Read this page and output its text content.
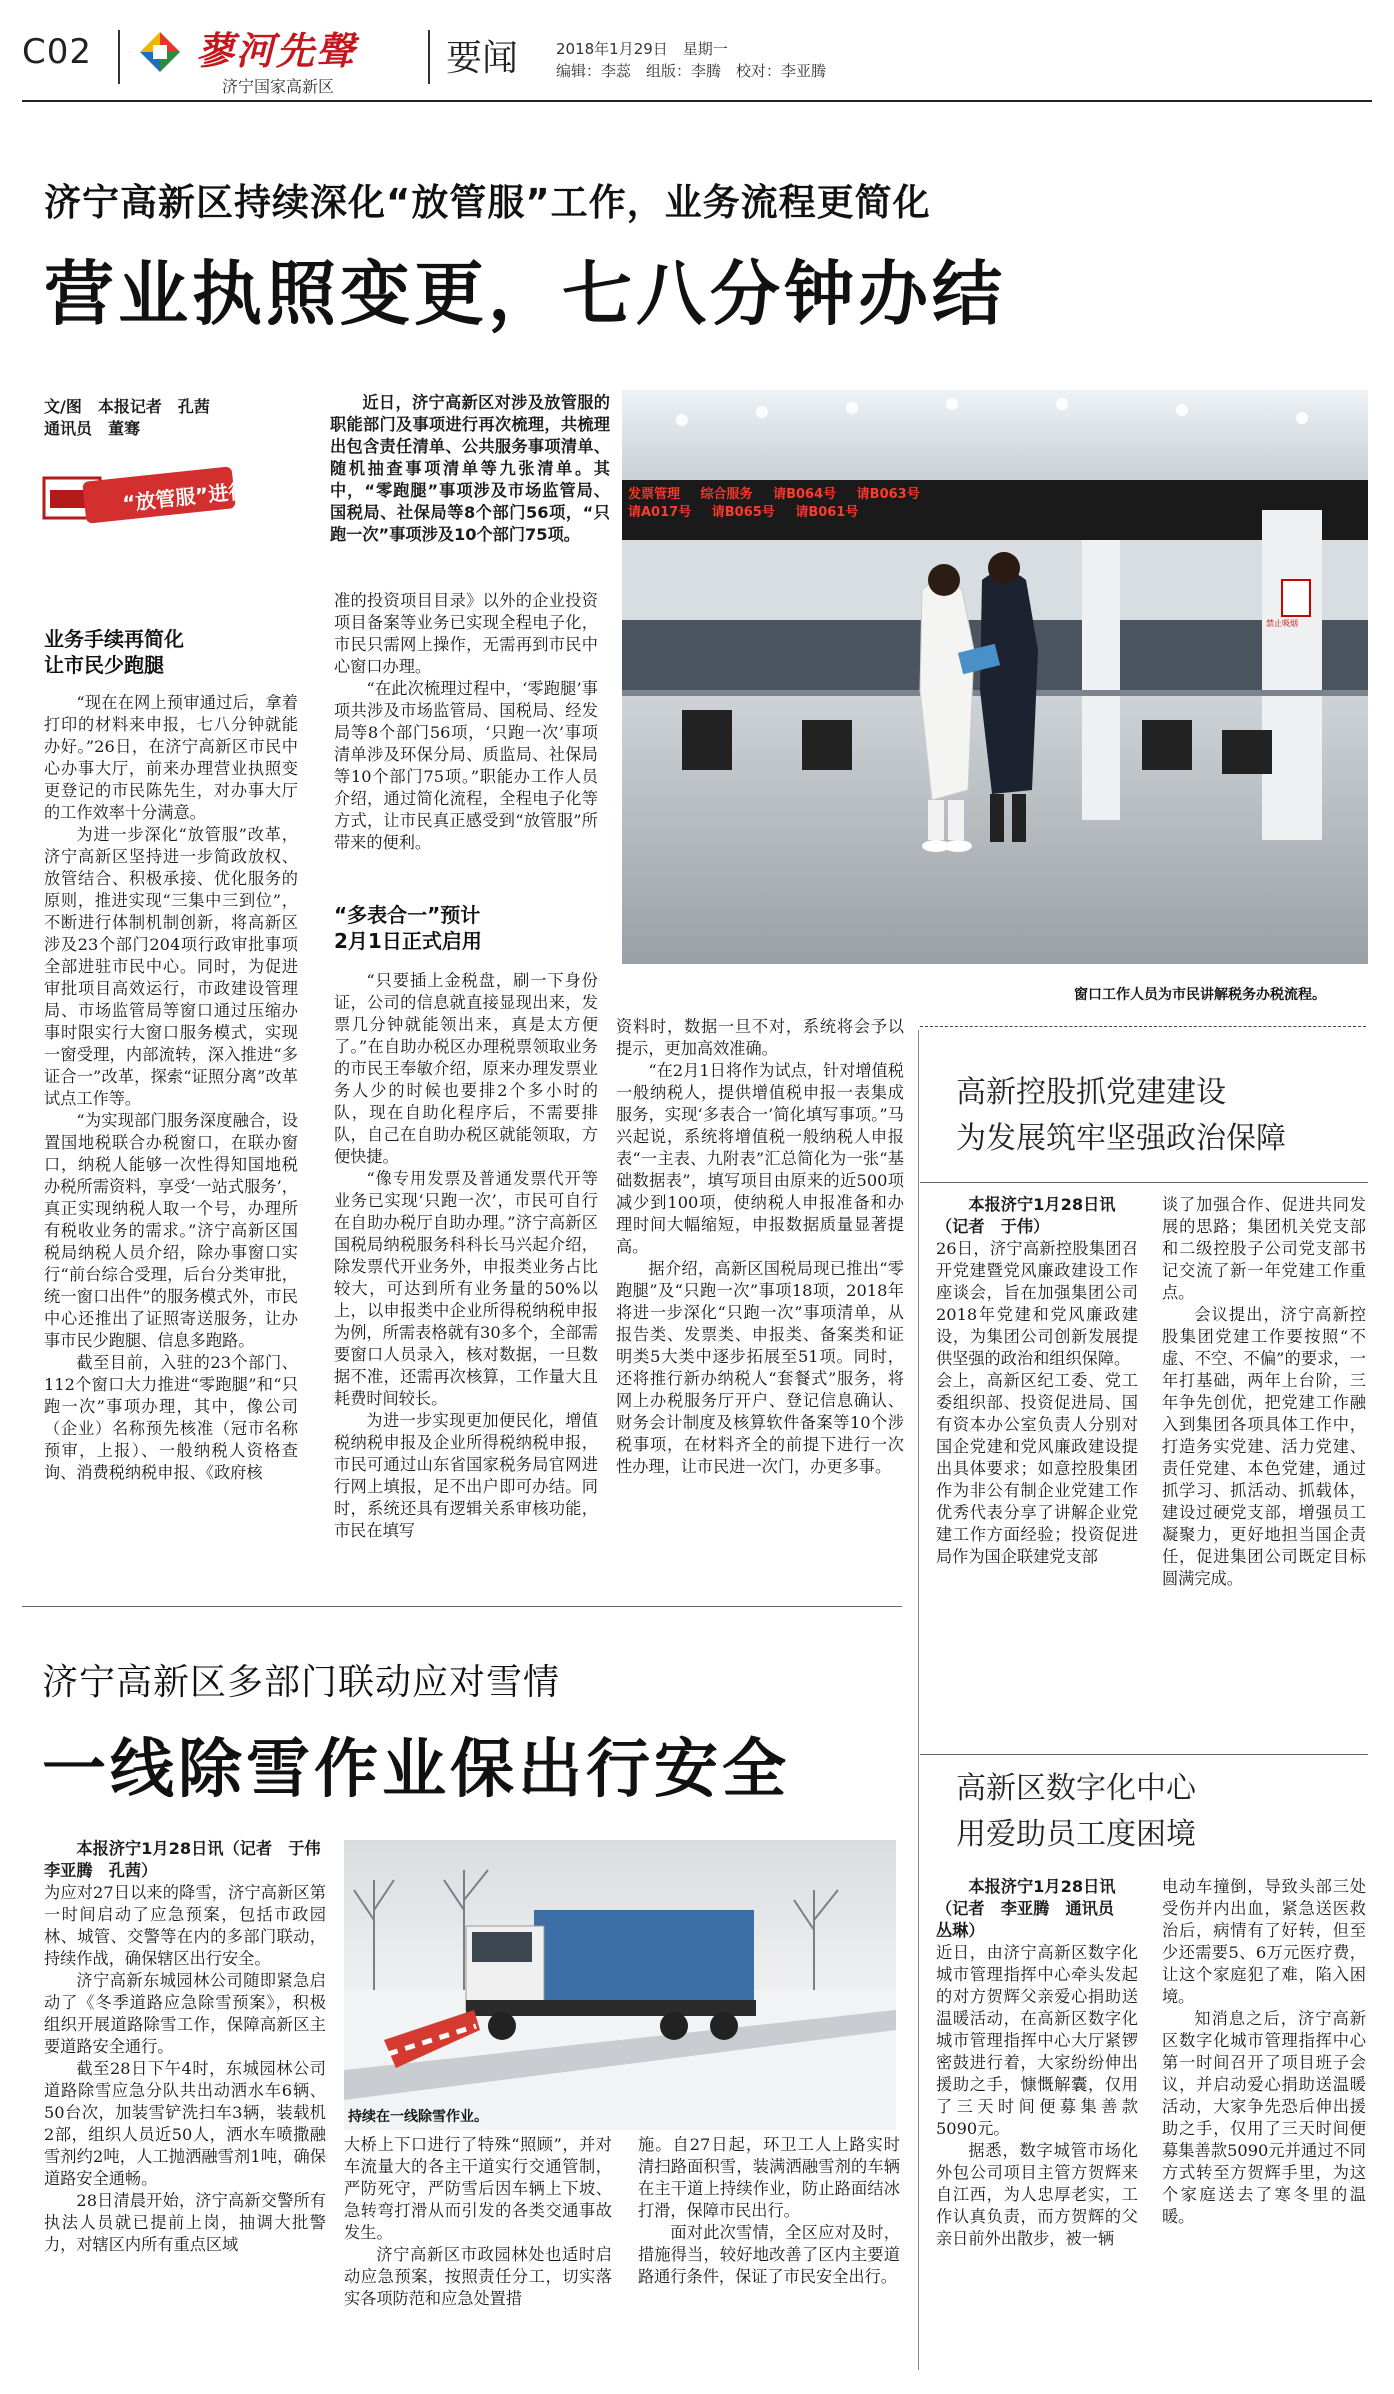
C02	蓼河先聲
济宁国家高新区
要闻	2018年1月29日　星期一
编辑：李蕊　组版：李腾　校对：李亚腾
济宁高新区持续深化“放管服”工作，业务流程更简化
营业执照变更，七八分钟办结
文/图　本报记者　孔茜
通讯员　董骞
“放管服”进行时
近日，济宁高新区对涉及放管服的职能部门及事项进行再次梳理，共梳理出包含责任清单、公共服务事项清单、随机抽查事项清单等九张清单。其中，“零跑腿”事项涉及市场监管局、国税局、社保局等8个部门56项，“只跑一次”事项涉及10个部门75项。
业务手续再简化
让市民少跑腿

“现在在网上预审通过后，拿着打印的材料来申报，七八分钟就能办好。”26日，在济宁高新区市民中心办事大厅，前来办理营业执照变更登记的市民陈先生，对办事大厅的工作效率十分满意。

为进一步深化“放管服”改革，济宁高新区坚持进一步简政放权、放管结合、积极承接、优化服务的原则，推进实现“三集中三到位”，不断进行体制机制创新，将高新区涉及23个部门204项行政审批事项全部进驻市民中心。同时，为促进审批项目高效运行，市政建设管理局、市场监管局等窗口通过压缩办事时限实行大窗口服务模式，实现一窗受理，内部流转，深入推进“多证合一”改革，探索“证照分离”改革试点工作等。

“为实现部门服务深度融合，设置国地税联合办税窗口，在联办窗口，纳税人能够一次性得知国地税办税所需资料，享受‘一站式服务’，真正实现纳税人取一个号，办理所有税收业务的需求。”济宁高新区国税局纳税人员介绍，除办事窗口实行“前台综合受理，后台分类审批，统一窗口出件”的服务模式外，市民中心还推出了证照寄送服务，让办事市民少跑腿、信息多跑路。

截至目前，入驻的23个部门、112个窗口大力推进“零跑腿”和“只跑一次”事项办理，其中，像公司（企业）名称预先核准（冠市名称预审，上报）、一般纳税人资格查询、消费税纳税申报、《政府核

准的投资项目目录》以外的企业投资项目备案等业务已实现全程电子化，市民只需网上操作，无需再到市民中心窗口办理。

“在此次梳理过程中，‘零跑腿’事项共涉及市场监管局、国税局、经发局等8个部门56项，‘只跑一次’事项清单涉及环保分局、质监局、社保局等10个部门75项。”职能办工作人员介绍，通过简化流程，全程电子化等方式，让市民真正感受到“放管服”所带来的便利。

“多表合一”预计
2月1日正式启用

“只要插上金税盘，刷一下身份证，公司的信息就直接显现出来，发票几分钟就能领出来，真是太方便了。”在自助办税区办理税票领取业务的市民王奉敏介绍，原来办理发票业务人少的时候也要排2个多小时的队，现在自助化程序后，不需要排队，自己在自助办税区就能领取，方便快捷。

“像专用发票及普通发票代开等业务已实现‘只跑一次’，市民可自行在自助办税厅自助办理。”济宁高新区国税局纳税服务科科长马兴起介绍，除发票代开业务外，申报类业务占比较大，可达到所有业务量的50%以上，以申报类中企业所得税纳税申报为例，所需表格就有30多个，全部需要窗口人员录入，核对数据，一旦数据不准，还需再次核算，工作量大且耗费时间较长。

为进一步实现更加便民化，增值税纳税申报及企业所得税纳税申报，市民可通过山东省国家税务局官网进行网上填报，足不出户即可办结。同时，系统还具有逻辑关系审核功能，市民在填写

资料时，数据一旦不对，系统将会予以提示，更加高效准确。

“在2月1日将作为试点，针对增值税一般纳税人，提供增值税申报一表集成服务，实现‘多表合一’简化填写事项。”马兴起说，系统将增值税一般纳税人申报表“一主表、九附表”汇总简化为一张“基础数据表”，填写项目由原来的近500项减少到100项，使纳税人申报准备和办理时间大幅缩短，申报数据质量显著提高。

据介绍，高新区国税局现已推出“零跑腿”及“只跑一次”事项18项，2018年将进一步深化“只跑一次”事项清单，从报告类、发票类、申报类、备案类和证明类5大类中逐步拓展至51项。同时，还将推行新办纳税人“套餐式”服务，将网上办税服务厅开户、登记信息确认、财务会计制度及核算软件备案等10个涉税事项，在材料齐全的前提下进行一次性办理，让市民进一次门，办更多事。

发票管理 综合服务 请B064号 请B063号
请A017号 请B065号 请B061号
禁止吸烟
窗口工作人员为市民讲解税务办税流程。
高新控股抓党建建设
为发展筑牢坚强政治保障
本报济宁1月28日讯（记者　于伟）

26日，济宁高新控股集团召开党建暨党风廉政建设工作座谈会，旨在加强集团公司2018年党建和党风廉政建设，为集团公司创新发展提供坚强的政治和组织保障。

会上，高新区纪工委、党工委组织部、投资促进局、国有资本办公室负责人分别对国企党建和党风廉政建设提出具体要求；如意控股集团作为非公有制企业党建工作优秀代表分享了讲解企业党建工作方面经验；投资促进局作为国企联建党支部

谈了加强合作、促进共同发展的思路；集团机关党支部和二级控股子公司党支部书记交流了新一年党建工作重点。

会议提出，济宁高新控股集团党建工作要按照“不虚、不空、不偏”的要求，一年打基础，两年上台阶，三年争先创优，把党建工作融入到集团各项具体工作中，打造务实党建、活力党建、责任党建、本色党建，通过抓学习、抓活动、抓载体，建设过硬党支部，增强员工凝聚力，更好地担当国企责任，促进集团公司既定目标圆满完成。

高新区数字化中心
用爱助员工度困境
本报济宁1月28日讯（记者　李亚腾　通讯员　丛琳）

近日，由济宁高新区数字化城市管理指挥中心牵头发起的对方贺辉父亲爱心捐助送温暖活动，在高新区数字化城市管理指挥中心大厅紧锣密鼓进行着，大家纷纷伸出援助之手，慷慨解囊，仅用了三天时间便募集善款5090元。

据悉，数字城管市场化外包公司项目主管方贺辉来自江西，为人忠厚老实，工作认真负责，而方贺辉的父亲日前外出散步，被一辆

电动车撞倒，导致头部三处受伤并内出血，紧急送医救治后，病情有了好转，但至少还需要5、6万元医疗费，让这个家庭犯了难，陷入困境。

知消息之后，济宁高新区数字化城市管理指挥中心第一时间召开了项目班子会议，并启动爱心捐助送温暖活动，大家争先恐后伸出援助之手，仅用了三天时间便募集善款5090元并通过不同方式转至方贺辉手里，为这个家庭送去了寒冬里的温暖。

济宁高新区多部门联动应对雪情
一线除雪作业保出行安全
本报济宁1月28日讯（记者　于伟　李亚腾　孔茜）

为应对27日以来的降雪，济宁高新区第一时间启动了应急预案，包括市政园林、城管、交警等在内的多部门联动，持续作战，确保辖区出行安全。

济宁高新东城园林公司随即紧急启动了《冬季道路应急除雪预案》，积极组织开展道路除雪工作，保障高新区主要道路安全通行。

截至28日下午4时，东城园林公司道路除雪应急分队共出动洒水车6辆、50台次，加装雪铲洗扫车3辆，装载机2部，组织人员近50人，洒水车喷撒融雪剂约2吨，人工抛洒融雪剂1吨，确保道路安全通畅。

28日清晨开始，济宁高新交警所有执法人员就已提前上岗，抽调大批警力，对辖区内所有重点区域

持续在一线除雪作业。

大桥上下口进行了特殊“照顾”，并对车流量大的各主干道实行交通管制，严防死守，严防雪后因车辆上下坡、急转弯打滑从而引发的各类交通事故发生。

济宁高新区市政园林处也适时启动应急预案，按照责任分工，切实落实各项防范和应急处置措

施。自27日起，环卫工人上路实时清扫路面积雪，装满洒融雪剂的车辆在主干道上持续作业，防止路面结冰打滑，保障市民出行。

面对此次雪情，全区应对及时，措施得当，较好地改善了区内主要道路通行条件，保证了市民安全出行。
